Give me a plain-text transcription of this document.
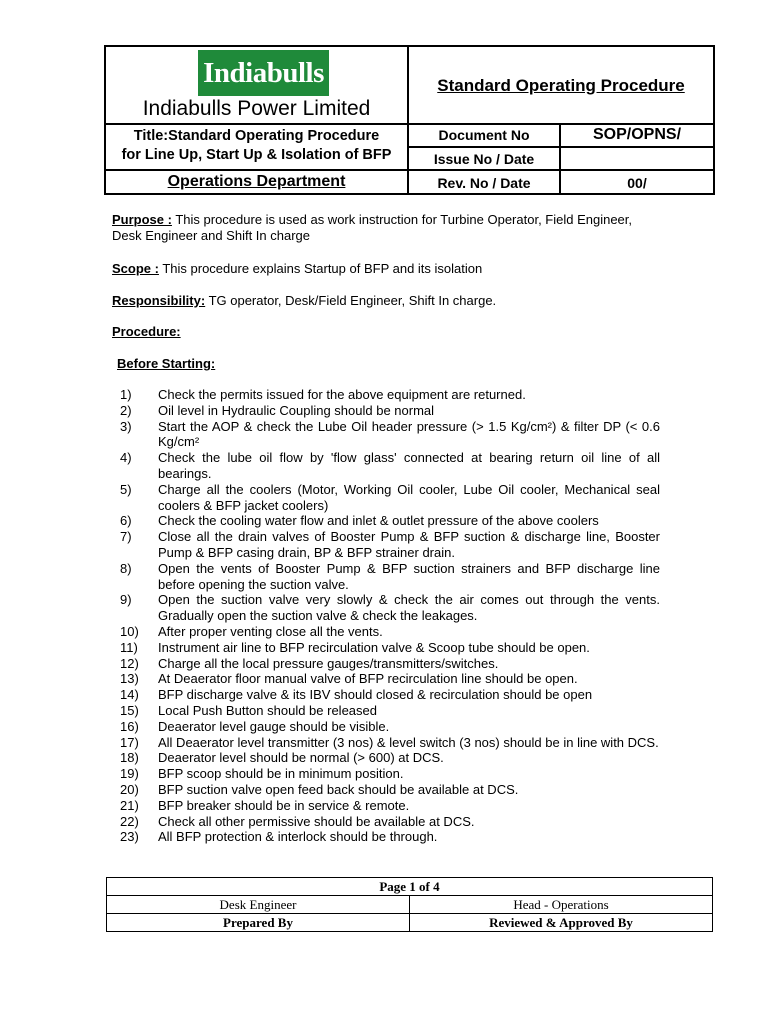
Indiabulls
Indiabulls Power Limited
Standard Operating Procedure
Title:Standard Operating Procedure
for Line Up, Start Up & Isolation of BFP
Document No	SOP/OPNS/
Issue No / Date
Operations Department	Rev. No / Date	00/
Purpose : This procedure is used as work instruction for Turbine Operator, Field Engineer, Desk Engineer and Shift In charge
Scope : This procedure explains Startup of BFP and its isolation
Responsibility: TG operator, Desk/Field Engineer, Shift In charge.
Procedure:
Before Starting:
1)	Check the permits issued for the above equipment are returned.
2)	Oil level in Hydraulic Coupling should be normal
3)	Start the AOP & check the Lube Oil header pressure (> 1.5 Kg/cm²) & filter DP (< 0.6 Kg/cm²
4)	Check the lube oil flow by 'flow glass' connected at bearing return oil line of all bearings.
5)	Charge all the coolers (Motor, Working Oil cooler, Lube Oil cooler, Mechanical seal coolers & BFP jacket coolers)
6)	Check the cooling water flow and inlet & outlet pressure of the above coolers
7)	Close all the drain valves of Booster Pump & BFP suction & discharge line, Booster Pump & BFP casing drain, BP & BFP strainer drain.
8)	Open the vents of Booster Pump & BFP suction strainers and BFP discharge line before opening the suction valve.
9)	Open the suction valve very slowly & check the air comes out through the vents. Gradually open the suction valve & check the leakages.
10)	After proper venting close all the vents.
11)	Instrument air line to BFP recirculation valve & Scoop tube should be open.
12)	Charge all the local pressure gauges/transmitters/switches.
13)	At Deaerator floor manual valve of BFP recirculation line should be open.
14)	BFP discharge valve & its IBV should closed & recirculation should be open
15)	Local Push Button should be released
16)	Deaerator level gauge should be visible.
17)	All Deaerator level transmitter (3 nos) & level switch (3 nos) should be in line with DCS.
18)	Deaerator level should be normal (> 600) at DCS.
19)	BFP scoop should be in minimum position.
20)	BFP suction valve open feed back should be available at DCS.
21)	BFP breaker should be in service & remote.
22)	Check all other permissive should be available at DCS.
23)	All BFP protection & interlock should be through.
Page 1 of 4	
Desk Engineer	Head - Operations
Prepared By	Reviewed & Approved By
